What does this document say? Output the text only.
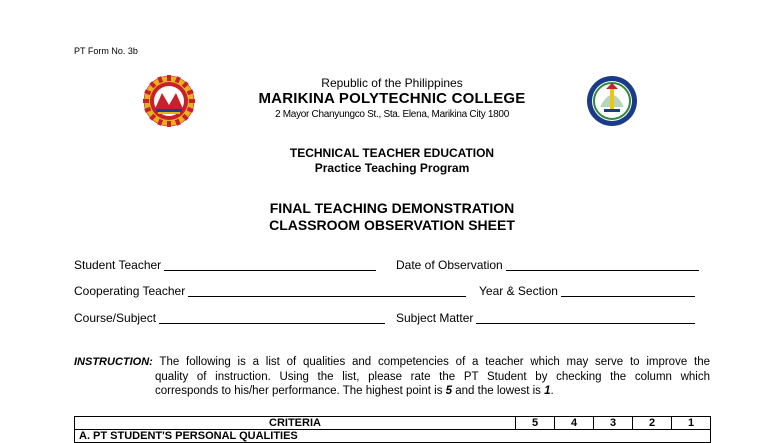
PT Form No. 3b
Republic of the Philippines
MARIKINA POLYTECHNIC COLLEGE
2 Mayor Chanyungco St., Sta. Elena, Marikina City 1800
TECHNICAL TEACHER EDUCATION
Practice Teaching Program
FINAL TEACHING DEMONSTRATION
CLASSROOM OBSERVATION SHEET
Student Teacher	Date of Observation
Cooperating Teacher	Year & Section
Course/Subject	Subject Matter
INSTRUCTION: The following is a list of qualities and competencies of a teacher which may serve to improve the
quality of instruction. Using the list, please rate the PT Student by checking the column which
corresponds to his/her performance. The highest point is 5 and the lowest is 1.
CRITERIA	5	4	3	2	1
A. PT STUDENT'S PERSONAL QUALITIES
